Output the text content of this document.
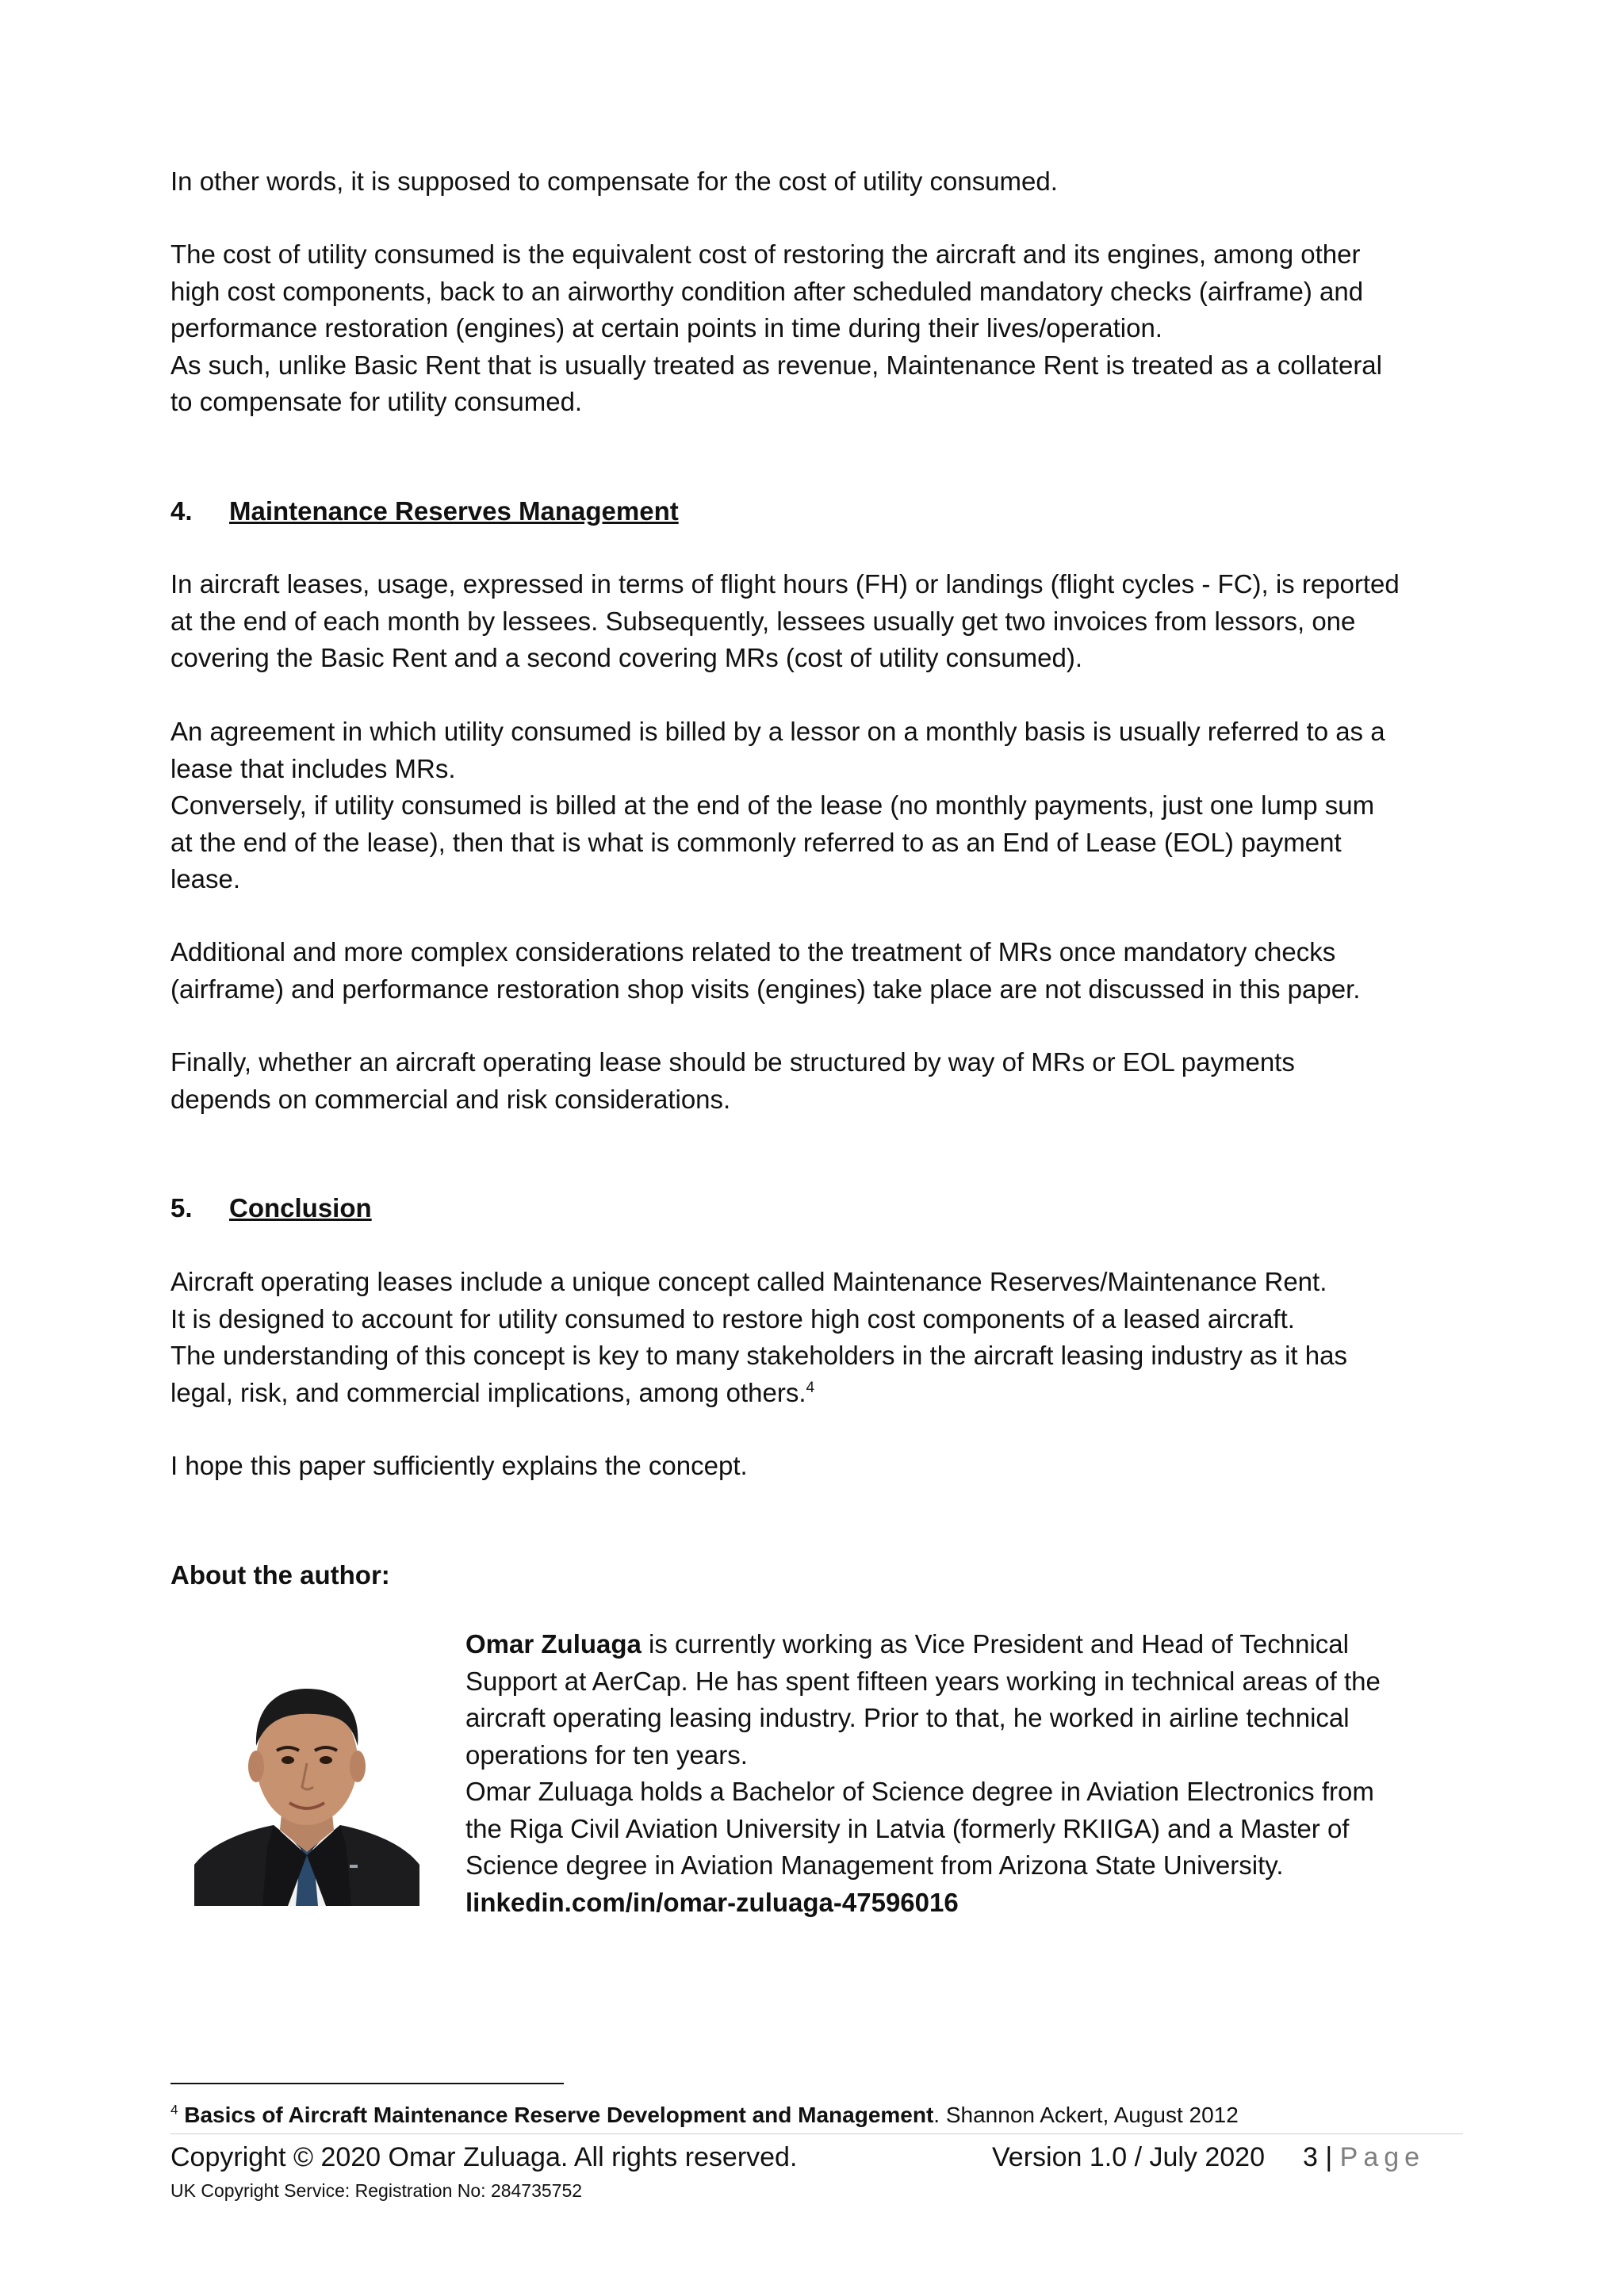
In other words, it is supposed to compensate for the cost of utility consumed.

The cost of utility consumed is the equivalent cost of restoring the aircraft and its engines, among other
high cost components, back to an airworthy condition after scheduled mandatory checks (airframe) and
performance restoration (engines) at certain points in time during their lives/operation.
As such, unlike Basic Rent that is usually treated as revenue, Maintenance Rent is treated as a collateral
to compensate for utility consumed.

4. Maintenance Reserves Management

In aircraft leases, usage, expressed in terms of flight hours (FH) or landings (flight cycles - FC), is reported
at the end of each month by lessees. Subsequently, lessees usually get two invoices from lessors, one
covering the Basic Rent and a second covering MRs (cost of utility consumed).

An agreement in which utility consumed is billed by a lessor on a monthly basis is usually referred to as a
lease that includes MRs.
Conversely, if utility consumed is billed at the end of the lease (no monthly payments, just one lump sum
at the end of the lease), then that is what is commonly referred to as an End of Lease (EOL) payment
lease.

Additional and more complex considerations related to the treatment of MRs once mandatory checks
(airframe) and performance restoration shop visits (engines) take place are not discussed in this paper.

Finally, whether an aircraft operating lease should be structured by way of MRs or EOL payments
depends on commercial and risk considerations.

5. Conclusion

Aircraft operating leases include a unique concept called Maintenance Reserves/Maintenance Rent.
It is designed to account for utility consumed to restore high cost components of a leased aircraft.
The understanding of this concept is key to many stakeholders in the aircraft leasing industry as it has
legal, risk, and commercial implications, among others.$^4$

I hope this paper sufficiently explains the concept.

About the author:
Omar Zuluaga is currently working as Vice President and Head of Technical
Support at AerCap. He has spent fifteen years working in technical areas of the
aircraft operating leasing industry. Prior to that, he worked in airline technical
operations for ten years.
Omar Zuluaga holds a Bachelor of Science degree in Aviation Electronics from
the Riga Civil Aviation University in Latvia (formerly RKIIGA) and a Master of
Science degree in Aviation Management from Arizona State University.
linkedin.com/in/omar-zuluaga-47596016
$^4$ Basics of Aircraft Maintenance Reserve Development and Management. Shannon Ackert, August 2012
Copyright © 2020 Omar Zuluaga. All rights reserved.	Version 1.0 / July 2020 3 | Page
UK Copyright Service: Registration No: 284735752
